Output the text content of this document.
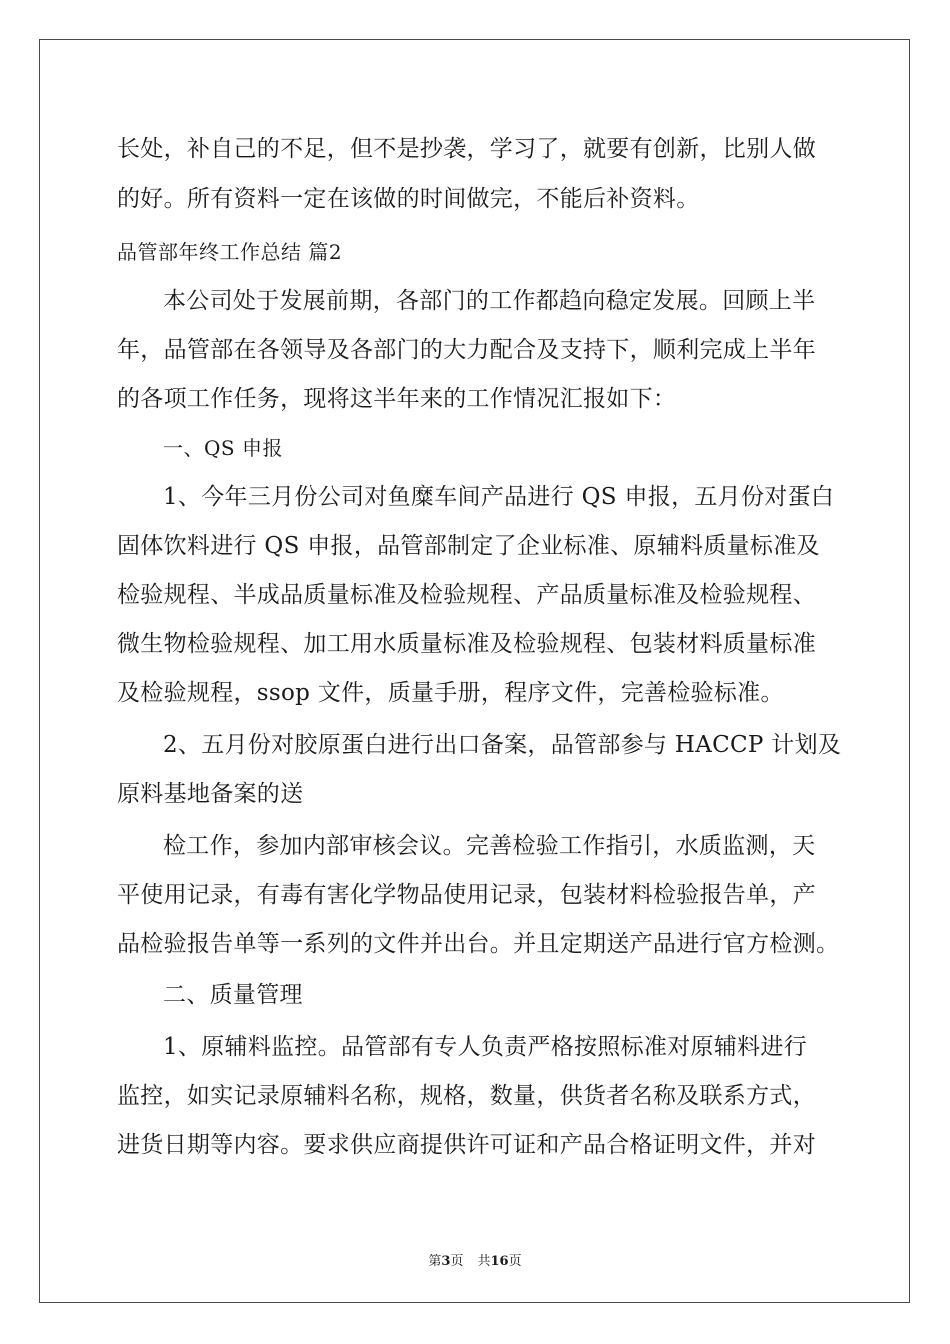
长处，补自己的不足，但不是抄袭，学习了，就要有创新，比别人做
的好。所有资料一定在该做的时间做完，不能后补资料。
品管部年终工作总结 篇2
本公司处于发展前期，各部门的工作都趋向稳定发展。回顾上半
年，品管部在各领导及各部门的大力配合及支持下，顺利完成上半年
的各项工作任务，现将这半年来的工作情况汇报如下：
一、QS 申报
1、今年三月份公司对鱼糜车间产品进行 QS 申报，五月份对蛋白
固体饮料进行 QS 申报，品管部制定了企业标准、原辅料质量标准及
检验规程、半成品质量标准及检验规程、产品质量标准及检验规程、
微生物检验规程、加工用水质量标准及检验规程、包装材料质量标准
及检验规程，ssop 文件，质量手册，程序文件，完善检验标准。
2、五月份对胶原蛋白进行出口备案，品管部参与 HACCP 计划及
原料基地备案的送
检工作，参加内部审核会议。完善检验工作指引，水质监测，天
平使用记录，有毒有害化学物品使用记录，包装材料检验报告单，产
品检验报告单等一系列的文件并出台。并且定期送产品进行官方检测。
二、质量管理
1、原辅料监控。品管部有专人负责严格按照标准对原辅料进行
监控，如实记录原辅料名称，规格，数量，供货者名称及联系方式，
进货日期等内容。要求供应商提供许可证和产品合格证明文件，并对
第3页 共16页
